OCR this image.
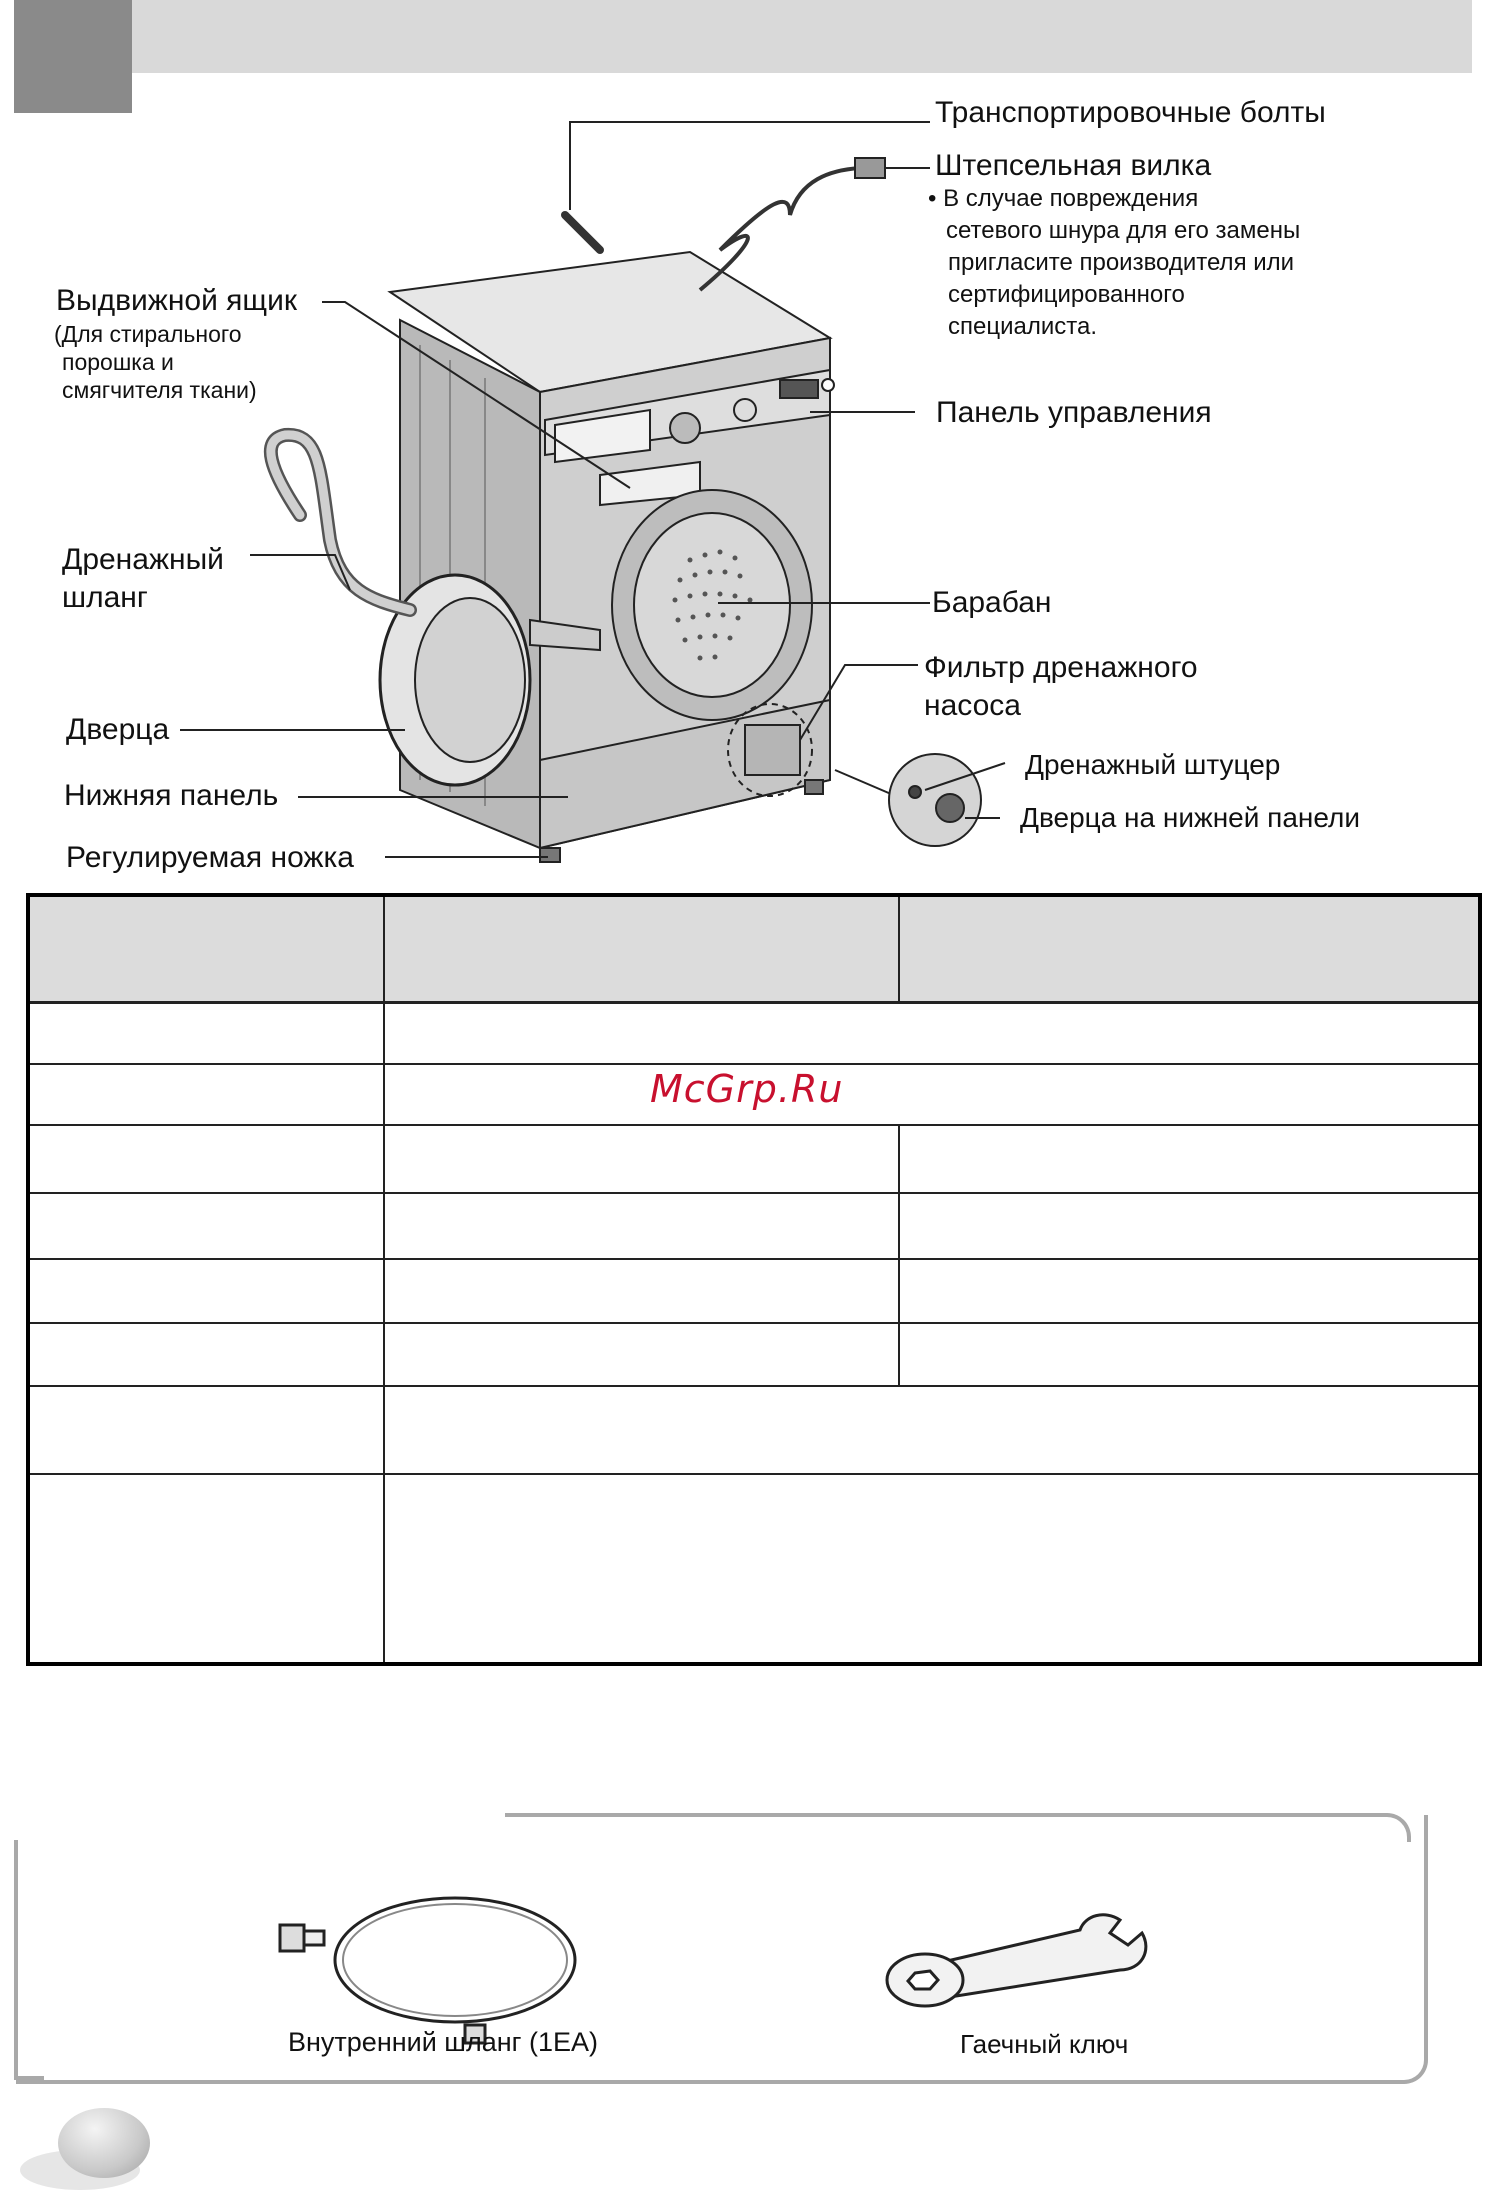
Транспортировочные болты
Штепсельная вилка
• В случае повреждения
сетевого шнура для его замены
пригласите производителя или
сертифицированного
специалиста.
Выдвижной ящик
(Для стирального
порошка и
смягчителя ткани)
Панель управления
Дренажный
шланг	Барабан
Фильтр дренажного
насоса
Дверца
Дренажный штуцер
Нижняя панель
Дверца на нижней панели
Регулируемая ножка

McGrp.Ru
Внутренний шланг (1EA)	Гаечный ключ
